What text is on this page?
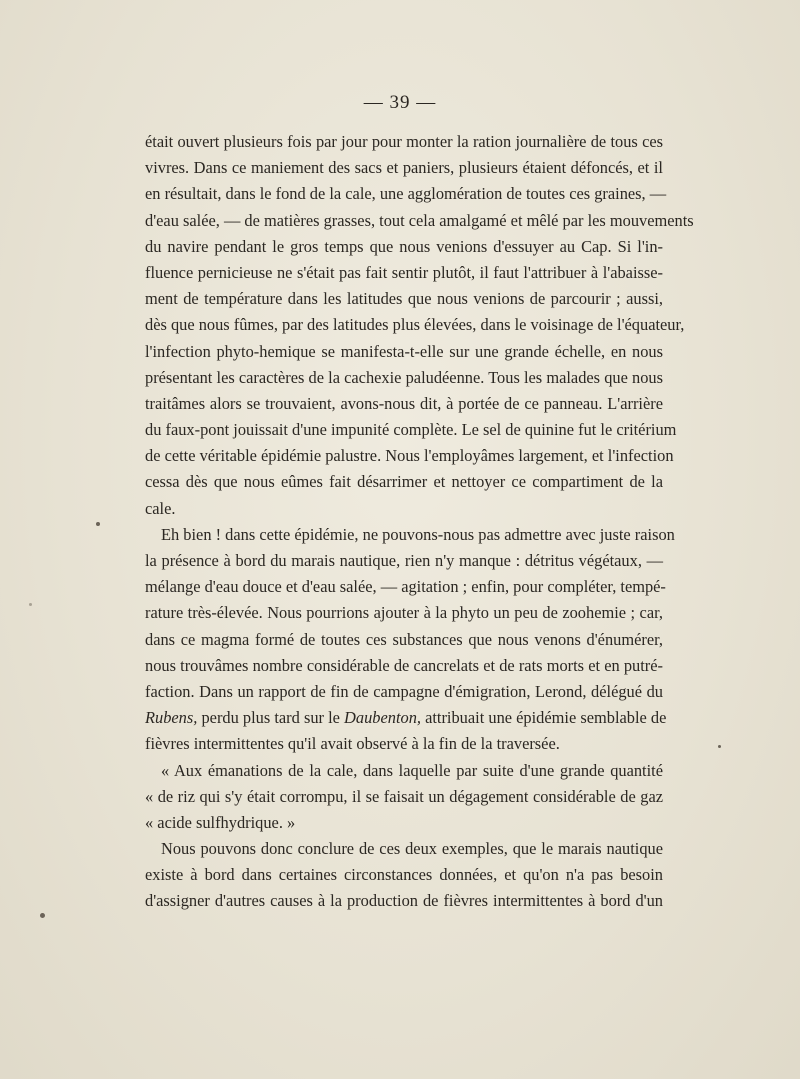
— 39 —
était ouvert plusieurs fois par jour pour monter la ration journalière de tous ces
vivres. Dans ce maniement des sacs et paniers, plusieurs étaient défoncés, et il
en résultait, dans le fond de la cale, une agglomération de toutes ces graines, —
d'eau salée, — de matières grasses, tout cela amalgamé et mêlé par les mouvements
du navire pendant le gros temps que nous venions d'essuyer au Cap. Si l'in-
fluence pernicieuse ne s'était pas fait sentir plutôt, il faut l'attribuer à l'abaisse-
ment de température dans les latitudes que nous venions de parcourir ; aussi,
dès que nous fûmes, par des latitudes plus élevées, dans le voisinage de l'équateur,
l'infection phyto-hemique se manifesta-t-elle sur une grande échelle, en nous
présentant les caractères de la cachexie paludéenne. Tous les malades que nous
traitâmes alors se trouvaient, avons-nous dit, à portée de ce panneau. L'arrière
du faux-pont jouissait d'une impunité complète. Le sel de quinine fut le critérium
de cette véritable épidémie palustre. Nous l'employâmes largement, et l'infection
cessa dès que nous eûmes fait désarrimer et nettoyer ce compartiment de la
cale.
Eh bien ! dans cette épidémie, ne pouvons-nous pas admettre avec juste raison
la présence à bord du marais nautique, rien n'y manque : détritus végétaux, —
mélange d'eau douce et d'eau salée, — agitation ; enfin, pour compléter, tempé-
rature très-élevée. Nous pourrions ajouter à la phyto un peu de zoohemie ; car,
dans ce magma formé de toutes ces substances que nous venons d'énumérer,
nous trouvâmes nombre considérable de cancrelats et de rats morts et en putré-
faction. Dans un rapport de fin de campagne d'émigration, Lerond, délégué du
Rubens, perdu plus tard sur le Daubenton, attribuait une épidémie semblable de
fièvres intermittentes qu'il avait observé à la fin de la traversée.
« Aux émanations de la cale, dans laquelle par suite d'une grande quantité
« de riz qui s'y était corrompu, il se faisait un dégagement considérable de gaz
« acide sulfhydrique. »
Nous pouvons donc conclure de ces deux exemples, que le marais nautique
existe à bord dans certaines circonstances données, et qu'on n'a pas besoin
d'assigner d'autres causes à la production de fièvres intermittentes à bord d'un
